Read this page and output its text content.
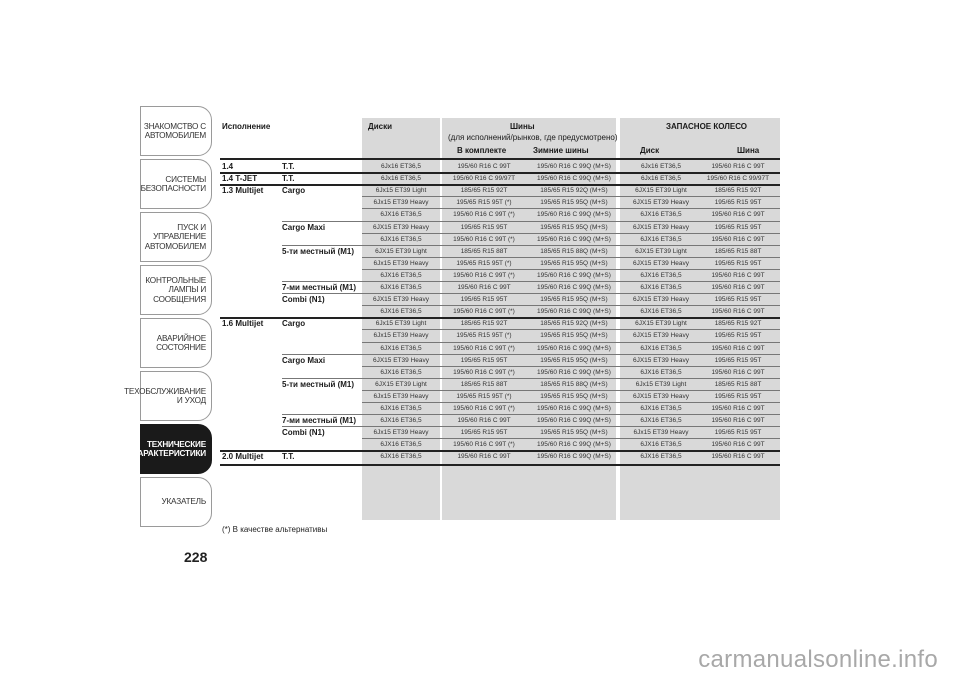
ЗНАКОМСТВО С
АВТОМОБИЛЕМ
СИСТЕМЫ
БЕЗОПАСНОСТИ
ПУСК И УПРАВЛЕНИЕ
АВТОМОБИЛЕМ
КОНТРОЛЬНЫЕ
ЛАМПЫ И
СООБЩЕНИЯ
АВАРИЙНОЕ
СОСТОЯНИЕ
ТЕХОБСЛУЖИВАНИЕ
И УХОД
ТЕХНИЧЕСКИЕ
ХАРАКТЕРИСТИКИ
УКАЗАТЕЛЬ
228
Исполнение	Диски	Шины
(для исполнений/рынков, где предусмотрено)
ЗАПАСНОЕ КОЛЕСО
В комплекте	Зимние шины	Диск	Шина
1.4	T.T.	6Jx16 ET36,5	195/60 R16 C 99T	195/60 R16 C 99Q (M+S)	6Jx16 ET36,5	195/60 R16 C 99T
1.4 T-JET	T.T.	6Jx16 ET36,5	195/60 R16 C 99/97T	195/60 R16 C 99Q (M+S)	6Jx16 ET36,5	195/60 R16 C 99/97T
1.3 Multijet Cargo	6Jx15 ET39 Light	185/65 R15 92T	185/65 R15 92Q (M+S)	6JX15 ET39 Light	185/65 R15 92T
6Jx15 ET39 Heavy	195/65 R15 95T (*)	195/65 R15 95Q (M+S)	6JX15 ET39 Heavy	195/65 R15 95T
6JX16 ET36,5	195/60 R16 C 99T (*)	195/60 R16 C 99Q (M+S)	6JX16 ET36,5	195/60 R16 C 99T
Cargo Maxi	6JX15 ET39 Heavy	195/65 R15 95T	195/65 R15 95Q (M+S)	6JX15 ET39 Heavy	195/65 R15 95T
6JX16 ET36,5	195/60 R16 C 99T (*)	195/60 R16 C 99Q (M+S)	6JX16 ET36,5	195/60 R16 C 99T
5-ти местный (M1)	6JX15 ET39 Light	185/65 R15 88T	185/65 R15 88Q (M+S)	6JX15 ET39 Light	185/65 R15 88T
6Jx15 ET39 Heavy	195/65 R15 95T (*)	195/65 R15 95Q (M+S)	6JX15 ET39 Heavy	195/65 R15 95T
6JX16 ET36,5	195/60 R16 C 99T (*)	195/60 R16 C 99Q (M+S)	6JX16 ET36,5	195/60 R16 C 99T
7-ми местный (M1)	6JX16 ET36,5	195/60 R16 C 99T	195/60 R16 C 99Q (M+S)	6JX16 ET36,5	195/60 R16 C 99T
Combi (N1)	6JX15 ET39 Heavy	195/65 R15 95T	195/65 R15 95Q (M+S)	6JX15 ET39 Heavy	195/65 R15 95T
6JX16 ET36,5	195/60 R16 C 99T (*)	195/60 R16 C 99Q (M+S)	6JX16 ET36,5	195/60 R16 C 99T
1.6 Multijet Cargo	6Jx15 ET39 Light	185/65 R15 92T	185/65 R15 92Q (M+S)	6JX15 ET39 Light	185/65 R15 92T
6Jx15 ET39 Heavy	195/65 R15 95T (*)	195/65 R15 95Q (M+S)	6JX15 ET39 Heavy	195/65 R15 95T
6JX16 ET36,5	195/60 R16 C 99T (*)	195/60 R16 C 99Q (M+S)	6JX16 ET36,5	195/60 R16 C 99T
Cargo Maxi	6JX15 ET39 Heavy	195/65 R15 95T	195/65 R15 95Q (M+S)	6JX15 ET39 Heavy	195/65 R15 95T
6JX16 ET36,5	195/60 R16 C 99T (*)	195/60 R16 C 99Q (M+S)	6JX16 ET36,5	195/60 R16 C 99T
5-ти местный (M1)	6JX15 ET39 Light	185/65 R15 88T	185/65 R15 88Q (M+S)	6Jx15 ET39 Light	185/65 R15 88T
6Jx15 ET39 Heavy	195/65 R15 95T (*)	195/65 R15 95Q (M+S)	6JX15 ET39 Heavy	195/65 R15 95T
6JX16 ET36,5	195/60 R16 C 99T (*)	195/60 R16 C 99Q (M+S)	6JX16 ET36,5	195/60 R16 C 99T
7-ми местный (M1)	6JX16 ET36,5	195/60 R16 C 99T	195/60 R16 C 99Q (M+S)	6JX16 ET36,5	195/60 R16 C 99T
Combi (N1)	6Jx15 ET39 Heavy	195/65 R15 95T	195/65 R15 95Q (M+S)	6Jx15 ET39 Heavy	195/65 R15 95T
6JX16 ET36,5	195/60 R16 C 99T (*)	195/60 R16 C 99Q (M+S)	6JX16 ET36,5	195/60 R16 C 99T
2.0 Multijet T.T.	6JX16 ET36,5	195/60 R16 C 99T	195/60 R16 C 99Q (M+S)	6JX16 ET36,5	195/60 R16 C 99T
(*) В качестве альтернативы
carmanualsonline.info
